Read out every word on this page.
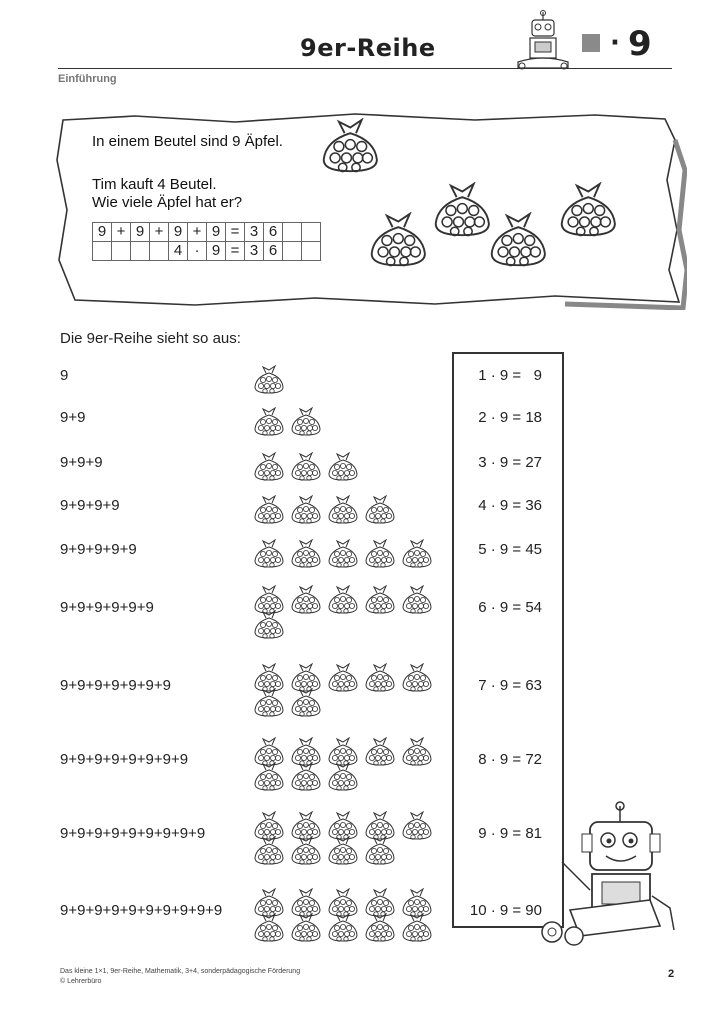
9er-Reihe	· 9
Einführung
In einem Beutel sind 9 Äpfel.
Tim kauft 4 Beutel.
Wie viele Äpfel hat er?
9	+	9	+	9	+	9	=	3	6		
				4	·	9	=	3	6		
Die 9er-Reihe sieht so aus:
9	1 · 9 =   9
9+9	2 · 9 = 18
9+9+9	3 · 9 = 27
9+9+9+9	4 · 9 = 36
9+9+9+9+9	5 · 9 = 45
9+9+9+9+9+9	6 · 9 = 54
9+9+9+9+9+9+9	7 · 9 = 63
9+9+9+9+9+9+9+9	8 · 9 = 72
9+9+9+9+9+9+9+9+9	9 · 9 = 81
9+9+9+9+9+9+9+9+9+9	10 · 9 = 90
Das kleine 1×1, 9er-Reihe, Mathematik, 3+4, sonderpädagogische Förderung
© Lehrerbüro
2
